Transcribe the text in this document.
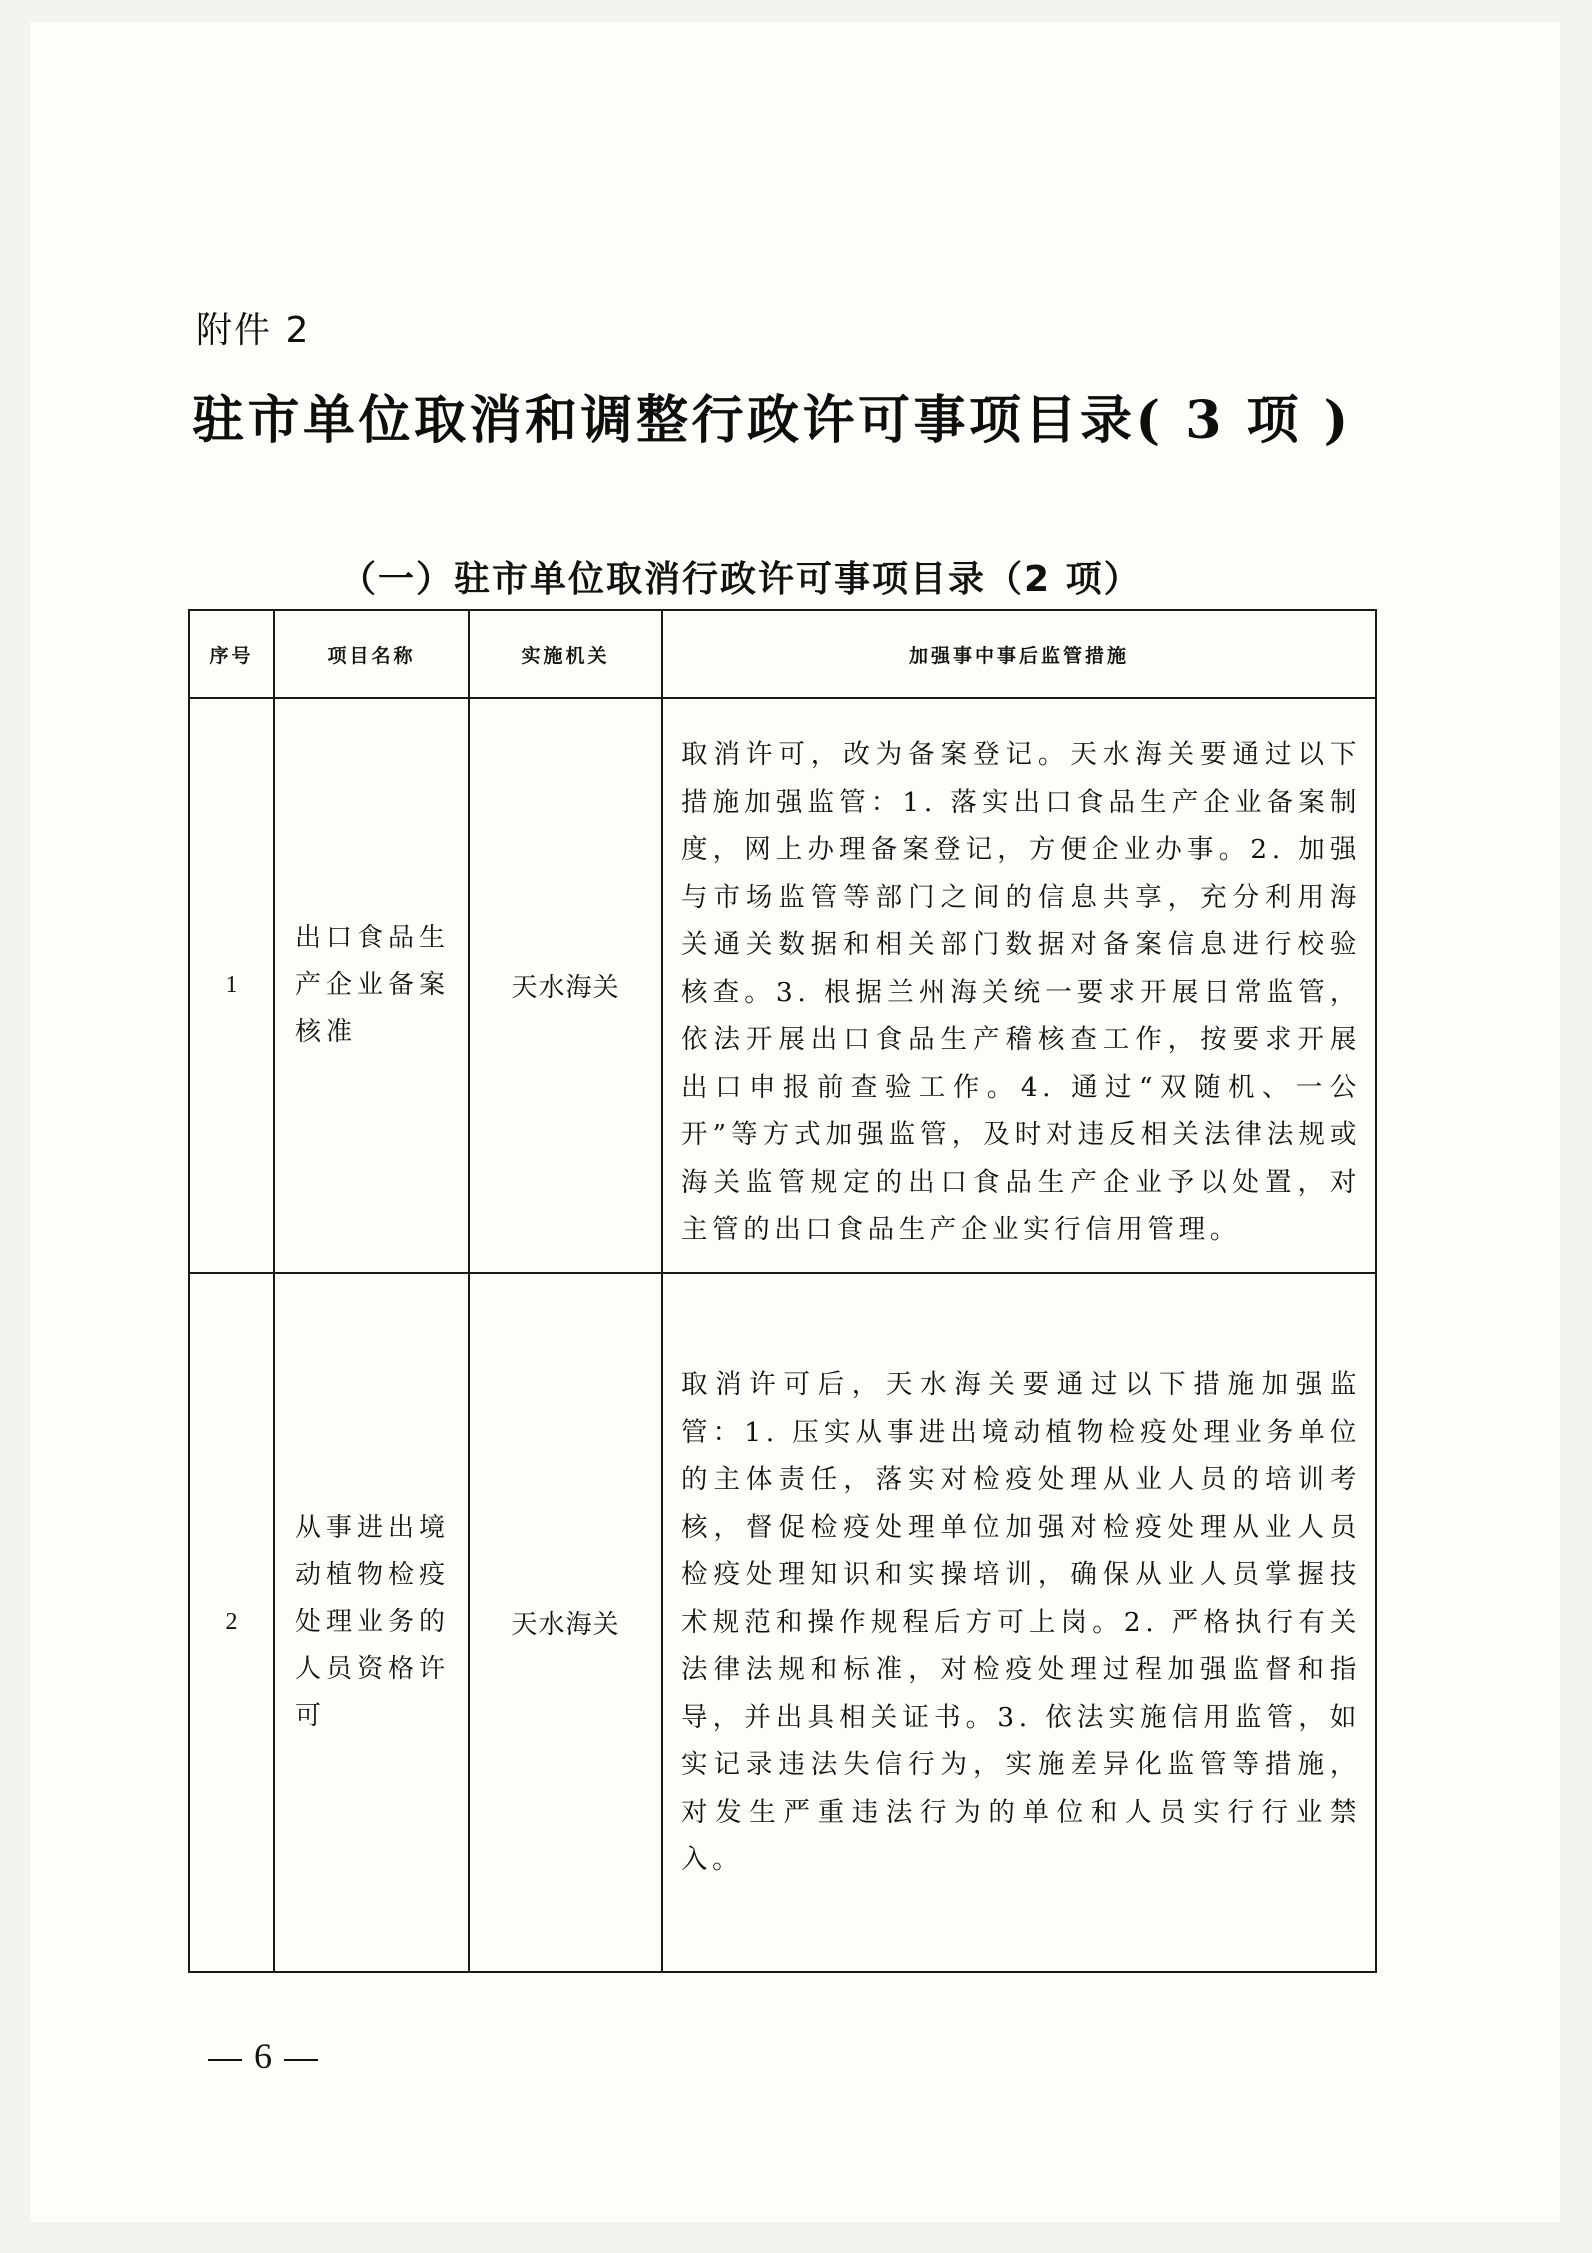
附件 2
驻市单位取消和调整行政许可事项目录( 3 项 )
（一）驻市单位取消行政许可事项目录（2 项）
序号	项目名称	实施机关	加强事中事后监管措施
1	出口食品生产企业备案核准	天水海关	取消许可，改为备案登记。天水海关要通过以下措施加强监管：1. 落实出口食品生产企业备案制度，网上办理备案登记，方便企业办事。2. 加强与市场监管等部门之间的信息共享，充分利用海关通关数据和相关部门数据对备案信息进行校验核查。3. 根据兰州海关统一要求开展日常监管，依法开展出口食品生产稽核查工作，按要求开展出口申报前查验工作。4. 通过“双随机、一公开”等方式加强监管，及时对违反相关法律法规或海关监管规定的出口食品生产企业予以处置，对主管的出口食品生产企业实行信用管理。
2	从事进出境动植物检疫处理业务的人员资格许可	天水海关	取消许可后，天水海关要通过以下措施加强监管：1. 压实从事进出境动植物检疫处理业务单位的主体责任，落实对检疫处理从业人员的培训考核，督促检疫处理单位加强对检疫处理从业人员检疫处理知识和实操培训，确保从业人员掌握技术规范和操作规程后方可上岗。2. 严格执行有关法律法规和标准，对检疫处理过程加强监督和指导，并出具相关证书。3. 依法实施信用监管，如实记录违法失信行为，实施差异化监管等措施，对发生严重违法行为的单位和人员实行行业禁入。
6
